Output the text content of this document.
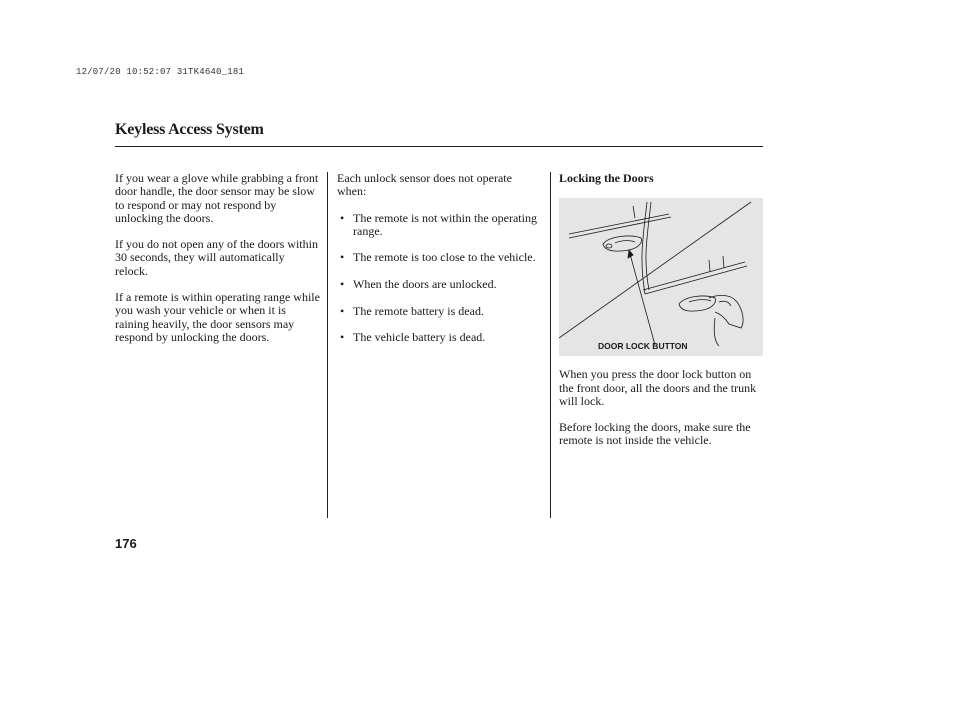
12/07/20 10:52:07 31TK4640_181
Keyless Access System

If you wear a glove while grabbing a front door handle, the door sensor may be slow to respond or may not respond by unlocking the doors.

If you do not open any of the doors within 30 seconds, they will automatically relock.

If a remote is within operating range while you wash your vehicle or when it is raining heavily, the door sensors may respond by unlocking the doors.

Each unlock sensor does not operate when:

• The remote is not within the operating range.
• The remote is too close to the vehicle.
• When the doors are unlocked.
• The remote battery is dead.
• The vehicle battery is dead.

Locking the Doors

DOOR LOCK BUTTON

When you press the door lock button on the front door, all the doors and the trunk will lock.

Before locking the doors, make sure the remote is not inside the vehicle.

176
